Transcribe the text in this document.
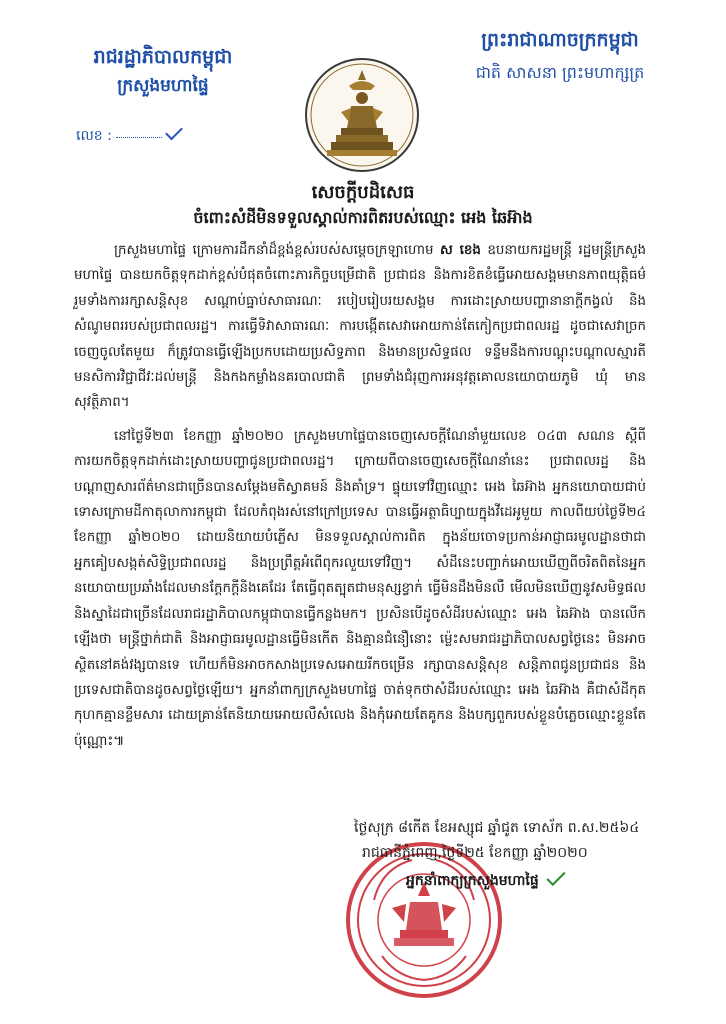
រាជរដ្ឋាភិបាលកម្ពុជា
ក្រសួងមហាផ្ទៃ
លេខ :
ព្រះរាជាណាចក្រកម្ពុជា
ជាតិ សាសនា ព្រះមហាក្សត្រ
សេចក្តីបដិសេធ
ចំពោះសំដីមិនទទួលស្គាល់ការពិតរបស់ឈ្មោះ អេង ឆៃអ៊ាង

ក្រសួងមហាផ្ទៃ ក្រោមការដឹកនាំដ៏ខ្ពង់ខ្ពស់របស់សម្តេចក្រឡាហោម ស ខេង ឧបនាយករដ្ឋមន្ត្រី រដ្ឋមន្ត្រីក្រសួងមហាផ្ទៃ បានយកចិត្តទុកដាក់ខ្ពស់បំផុតចំពោះភារកិច្ចបម្រើជាតិ ប្រជាជន និងការខិតខំធ្វើអោយសង្គមមានភាពយុត្តិធម៌ រួមទាំងការរក្សាសន្តិសុខ សណ្តាប់ធ្នាប់សាធារណៈ របៀបរៀបរយសង្គម ការដោះស្រាយបញ្ហានានាក្តីកង្វល់ និងសំណូមពររបស់ប្រជាពលរដ្ឋ។ ការធ្វើទិវាសាធារណៈ ការបង្កើតសេវាអោយកាន់តែកៀកប្រជាពលរដ្ឋ ដូចជាសេវាច្រកចេញចូលតែមួយ ក៏ត្រូវបានធ្វើឡើងប្រកបដោយប្រសិទ្ធភាព និងមានប្រសិទ្ធផល ទន្ទឹមនឹងការបណ្តុះបណ្តាលស្មារតីមនសិការវិជ្ជាជីវៈដល់មន្ត្រី និងកងកម្លាំងនគរបាលជាតិ ព្រមទាំងជំរុញការអនុវត្តគោលនយោបាយភូមិ ឃុំ មានសុវត្ថិភាព។

នៅថ្ងៃទី២៣ ខែកញ្ញា ឆ្នាំ២០២០ ក្រសួងមហាផ្ទៃបានចេញសេចក្តីណែនាំមួយលេខ ០៤៣ សណន ស្តីពីការយកចិត្តទុកដាក់ដោះស្រាយបញ្ហាជូនប្រជាពលរដ្ឋ។ ក្រោយពីបានចេញសេចក្តីណែនាំនេះ ប្រជាពលរដ្ឋ និងបណ្តាញសារព័ត៌មានជាច្រើនបានសម្តែងមតិស្វាគមន៍ និងគាំទ្រ។ ផ្ទុយទៅវិញឈ្មោះ អេង ឆៃអ៊ាង អ្នកនយោបាយជាប់ទោសក្រោមដីកាតុលាការកម្ពុជា ដែលកំពុងរស់នៅក្រៅប្រទេស បានធ្វើអត្ថាធិប្បាយក្នុងវីដេអូមួយ កាលពីយប់ថ្ងៃទី២៤ ខែកញ្ញា ឆ្នាំ២០២០ ដោយនិយាយបំភ្លើស មិនទទួលស្គាល់ការពិត ក្នុងន័យចោទប្រកាន់អាជ្ញាធរមូលដ្ឋានថាជាអ្នកគៀបសង្កត់សិទ្ធិប្រជាពលរដ្ឋ និងប្រព្រឹត្តអំពើពុករលួយទៅវិញ។ សំដីនេះបញ្ជាក់អោយឃើញពីចរិតពិតនៃអ្នកនយោបាយប្រឆាំងដែលមានក្តែកក្តីនិងគេដែរ តែធ្វើពុតត្បុតជាមនុស្សខ្វាក់ ធ្វើមិនដឹងមិនលឺ មើលមិនឃើញនូវសមិទ្ធផល និងស្នាដៃជាច្រើនដែលរាជរដ្ឋាភិបាលកម្ពុជាបានធ្វើកន្លងមក។ ប្រសិនបើដូចសំដីរបស់ឈ្មោះ អេង ឆៃអ៊ាង បានលើកឡើងថា មន្ត្រីថ្នាក់ជាតិ និងអាជ្ញាធរមូលដ្ឋានធ្វើមិនកើត និងគ្មានជំនឿនោះ ម្ល៉េះសមរាជរដ្ឋាភិបាលសព្វថ្ងៃនេះ មិនអាចស្ថិតនៅគង់វង្សបានទេ ហើយក៏មិនអាចកសាងប្រទេសអោយរីកចម្រើន រក្សាបានសន្តិសុខ សន្តិភាពជូនប្រជាជន និងប្រទេសជាតិបានដូចសព្វថ្ងៃឡើយ។ អ្នកនាំពាក្យក្រសួងមហាផ្ទៃ ចាត់ទុកថាសំដីរបស់ឈ្មោះ អេង ឆៃអ៊ាង គឺជាសំដីកុតកុហកគ្មានខ្លឹមសារ ដោយគ្រាន់តែនិយាយអោយលឺសំលេង និងកុំអោយតែគូកន និងបក្សពួករបស់ខ្លួនបំភ្លេចឈ្មោះខ្លួនតែប៉ុណ្ណោះ៕

ថ្ងៃសុក្រ ៨កើត ខែអស្សុជ ឆ្នាំជូត ទោស័ក ព.ស.២៥៦៤
រាជធានីភ្នំពេញ,ថ្ងៃទី២៥ ខែកញ្ញា ឆ្នាំ២០២០
អ្នកនាំពាក្យក្រសួងមហាផ្ទៃ
